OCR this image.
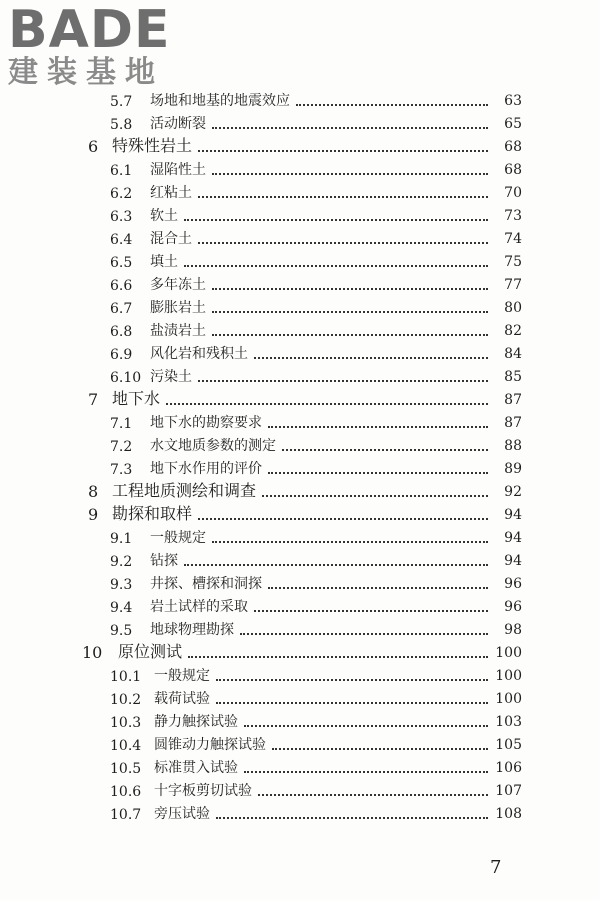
BADE
建装基地
5.7	场地和地基的地震效应	63
5.8	活动断裂	65
6 特殊性岩土	68
6.1	湿陷性土	68
6.2	红粘土	70
6.3	软土	73
6.4	混合土	74
6.5	填土	75
6.6	多年冻土	77
6.7	膨胀岩土	80
6.8	盐渍岩土	82
6.9	风化岩和残积土	84
6.10 污染土	85
7 地下水	87
7.1	地下水的勘察要求	87
7.2	水文地质参数的测定	88
7.3	地下水作用的评价	89
8 工程地质测绘和调查	92
9 勘探和取样	94
9.1	一般规定	94
9.2	钻探	94
9.3	井探、槽探和洞探	96
9.4	岩土试样的采取	96
9.5	地球物理勘探	98
10 原位测试	100
10.1 一般规定	100
10.2 载荷试验	100
10.3 静力触探试验	103
10.4 圆锥动力触探试验	105
10.5 标准贯入试验	106
10.6 十字板剪切试验	107
10.7 旁压试验	108
7
